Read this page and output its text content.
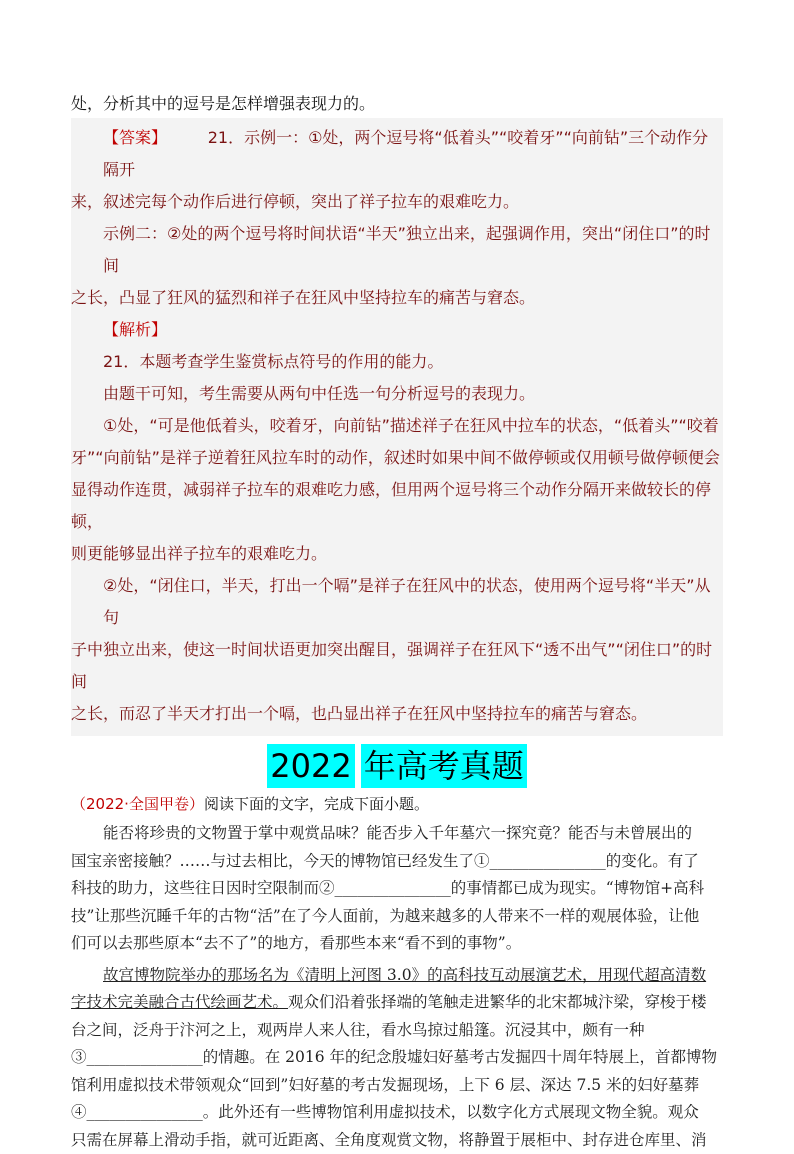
处，分析其中的逗号是怎样增强表现力的。
【答案】	21．示例一：①处，两个逗号将“低着头”“咬着牙”“向前钻”三个动作分隔开
来，叙述完每个动作后进行停顿，突出了祥子拉车的艰难吃力。
示例二：②处的两个逗号将时间状语“半天”独立出来，起强调作用，突出“闭住口”的时间
之长，凸显了狂风的猛烈和祥子在狂风中坚持拉车的痛苦与窘态。
【解析】
21．本题考查学生鉴赏标点符号的作用的能力。
由题干可知，考生需要从两句中任选一句分析逗号的表现力。
①处，“可是他低着头，咬着牙，向前钻”描述祥子在狂风中拉车的状态，“低着头”“咬着
牙”“向前钻”是祥子逆着狂风拉车时的动作，叙述时如果中间不做停顿或仅用顿号做停顿便会
显得动作连贯，减弱祥子拉车的艰难吃力感，但用两个逗号将三个动作分隔开来做较长的停顿，
则更能够显出祥子拉车的艰难吃力。
②处，“闭住口，半天，打出一个嗝”是祥子在狂风中的状态，使用两个逗号将“半天”从句
子中独立出来，使这一时间状语更加突出醒目，强调祥子在狂风下“透不出气”“闭住口”的时间
之长，而忍了半天才打出一个嗝，也凸显出祥子在狂风中坚持拉车的痛苦与窘态。
2022 年高考真题
（2022·全国甲卷）阅读下面的文字，完成下面小题。
能否将珍贵的文物置于掌中观赏品味？能否步入千年墓穴一探究竟？能否与未曾展出的
国宝亲密接触？……与过去相比，今天的博物馆已经发生了①_______________的变化。有了
科技的助力，这些往日因时空限制而②_______________的事情都已成为现实。“博物馆+高科
技”让那些沉睡千年的古物“活”在了今人面前，为越来越多的人带来不一样的观展体验，让他
们可以去那些原本“去不了”的地方，看那些本来“看不到的事物”。
故宫博物院举办的那场名为《清明上河图 3.0》的高科技互动展演艺术，用现代超高清数
字技术完美融合古代绘画艺术。观众们沿着张择端的笔触走进繁华的北宋都城汴梁，穿梭于楼
台之间，泛舟于汴河之上，观两岸人来人往，看水鸟掠过船篷。沉浸其中，颇有一种
③_______________的情趣。在 2016 年的纪念殷墟妇好墓考古发掘四十周年特展上，首都博物
馆利用虚拟技术带领观众“回到”妇好墓的考古发掘现场，上下 6 层、深达 7.5 米的妇好墓葬
④_______________。此外还有一些博物馆利用虚拟技术，以数字化方式展现文物全貌。观众
只需在屏幕上滑动手指，就可近距离、全角度观赏文物，将静置于展柜中、封存进仓库里、消
